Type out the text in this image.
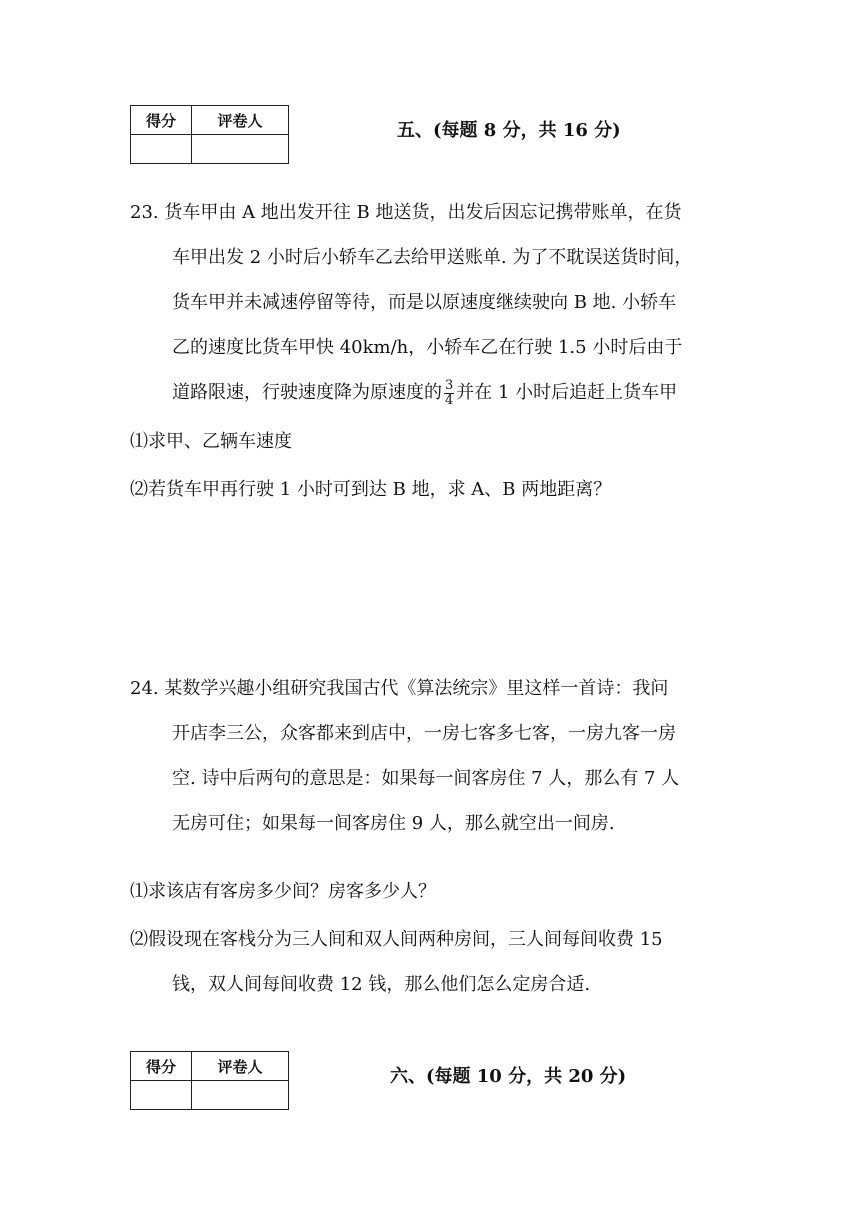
得分	评卷人
		五、(每题 8 分，共 16 分)
23. 货车甲由 A 地出发开往 B 地送货，出发后因忘记携带账单，在货
车甲出发 2 小时后小轿车乙去给甲送账单. 为了不耽误送货时间，
货车甲并未减速停留等待，而是以原速度继续驶向 B 地. 小轿车
乙的速度比货车甲快 40km/h，小轿车乙在行驶 1.5 小时后由于
道路限速，行驶速度降为原速度的 $\frac{3}{4}$ 并在 1 小时后追赶上货车甲
⑴求甲、乙辆车速度
⑵若货车甲再行驶 1 小时可到达 B 地，求 A、B 两地距离？
24. 某数学兴趣小组研究我国古代《算法统宗》里这样一首诗：我问
开店李三公，众客都来到店中，一房七客多七客，一房九客一房
空. 诗中后两句的意思是：如果每一间客房住 7 人，那么有 7 人
无房可住；如果每一间客房住 9 人，那么就空出一间房.
⑴求该店有客房多少间？房客多少人？
⑵假设现在客栈分为三人间和双人间两种房间，三人间每间收费 15
钱，双人间每间收费 12 钱，那么他们怎么定房合适.
得分	评卷人
		六、(每题 10 分，共 20 分)
